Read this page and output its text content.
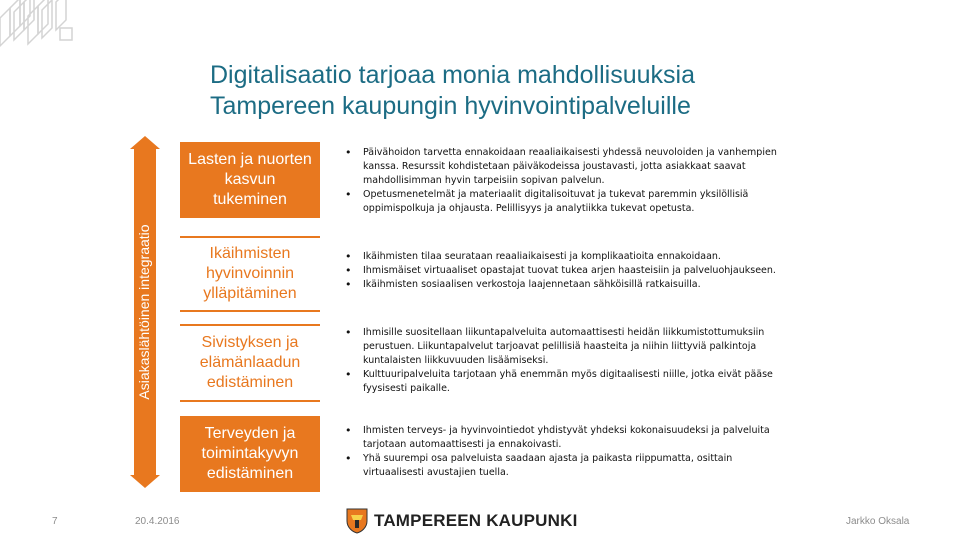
Digitalisaatio tarjoaa monia mahdollisuuksia
Tampereen kaupungin hyvinvointipalveluille
Asiakaslähtöinen integraatio
Lasten ja nuorten kasvun tukeminen
• Päivähoidon tarvetta ennakoidaan reaaliaikaisesti yhdessä neuvoloiden ja vanhempien kanssa. Resurssit kohdistetaan päiväkodeissa joustavasti, jotta asiakkaat saavat mahdollisimman hyvin tarpeisiin sopivan palvelun.
• Opetusmenetelmät ja materiaalit digitalisoituvat ja tukevat paremmin yksilöllisiä oppimispolkuja ja ohjausta. Pelillisyys ja analytiikka tukevat opetusta.
Ikäihmisten hyvinvoinnin ylläpitäminen
• Ikäihmisten tilaa seurataan reaaliaikaisesti ja komplikaatioita ennakoidaan.
• Ihmismäiset virtuaaliset opastajat tuovat tukea arjen haasteisiin ja palveluohjaukseen.
• Ikäihmisten sosiaalisen verkostoja laajennetaan sähköisillä ratkaisuilla.
Sivistyksen ja elämänlaadun edistäminen
• Ihmisille suositellaan liikuntapalveluita automaattisesti heidän liikkumistottumuksiin perustuen. Liikuntapalvelut tarjoavat pelillisiä haasteita ja niihin liittyviä palkintoja kuntalaisten liikkuvuuden lisäämiseksi.
• Kulttuuripalveluita tarjotaan yhä enemmän myös digitaalisesti niille, jotka eivät pääse fyysisesti paikalle.
Terveyden ja toimintakyvyn edistäminen
• Ihmisten terveys- ja hyvinvointiedot yhdistyvät yhdeksi kokonaisuudeksi ja palveluita tarjotaan automaattisesti ja ennakoivasti.
• Yhä suurempi osa palveluista saadaan ajasta ja paikasta riippumatta, osittain virtuaalisesti avustajien tuella.
7	20.4.2016	TAMPEREEN KAUPUNKI	Jarkko Oksala
